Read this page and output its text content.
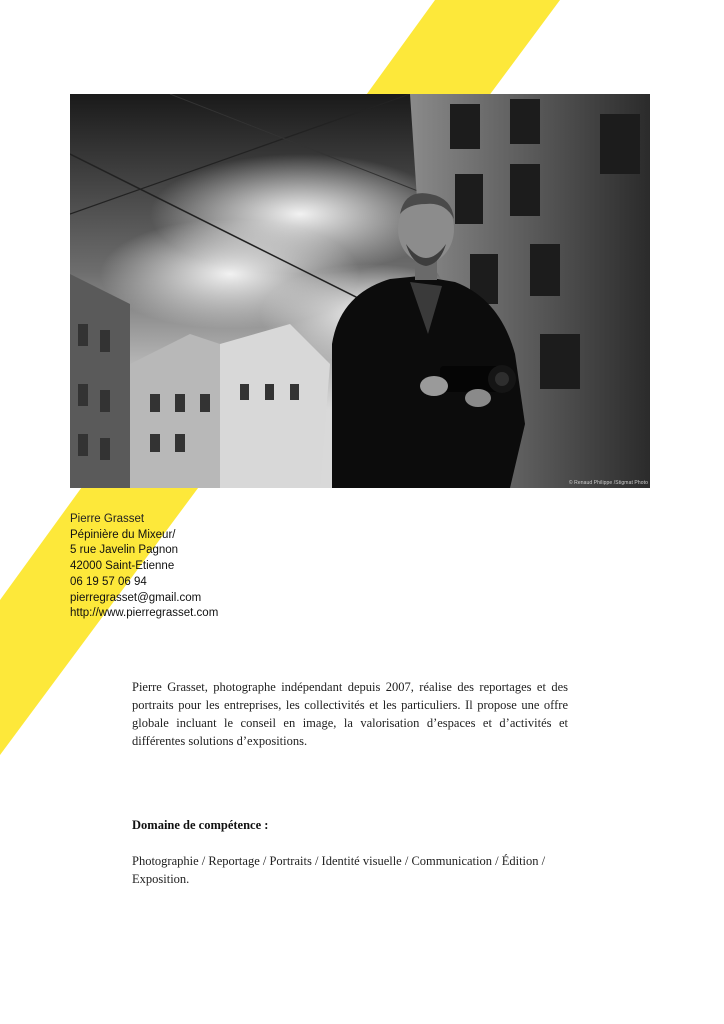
© Renaud Philippe /Stigmat Photo
Pierre Grasset
Pépinière du Mixeur/
5 rue Javelin Pagnon
42000 Saint-Etienne
06 19 57 06 94
pierregrasset@gmail.com
http://www.pierregrasset.com

Pierre Grasset, photographe indépendant depuis 2007, réalise des reportages et des portraits pour les entreprises, les collectivités et les particuliers. Il propose une offre globale incluant le conseil en image, la valorisation d’espaces et d’activités et différentes solutions d’expositions.

Domaine de compétence :

Photographie / Reportage / Portraits / Identité visuelle / Communication / Édition / Exposition.
